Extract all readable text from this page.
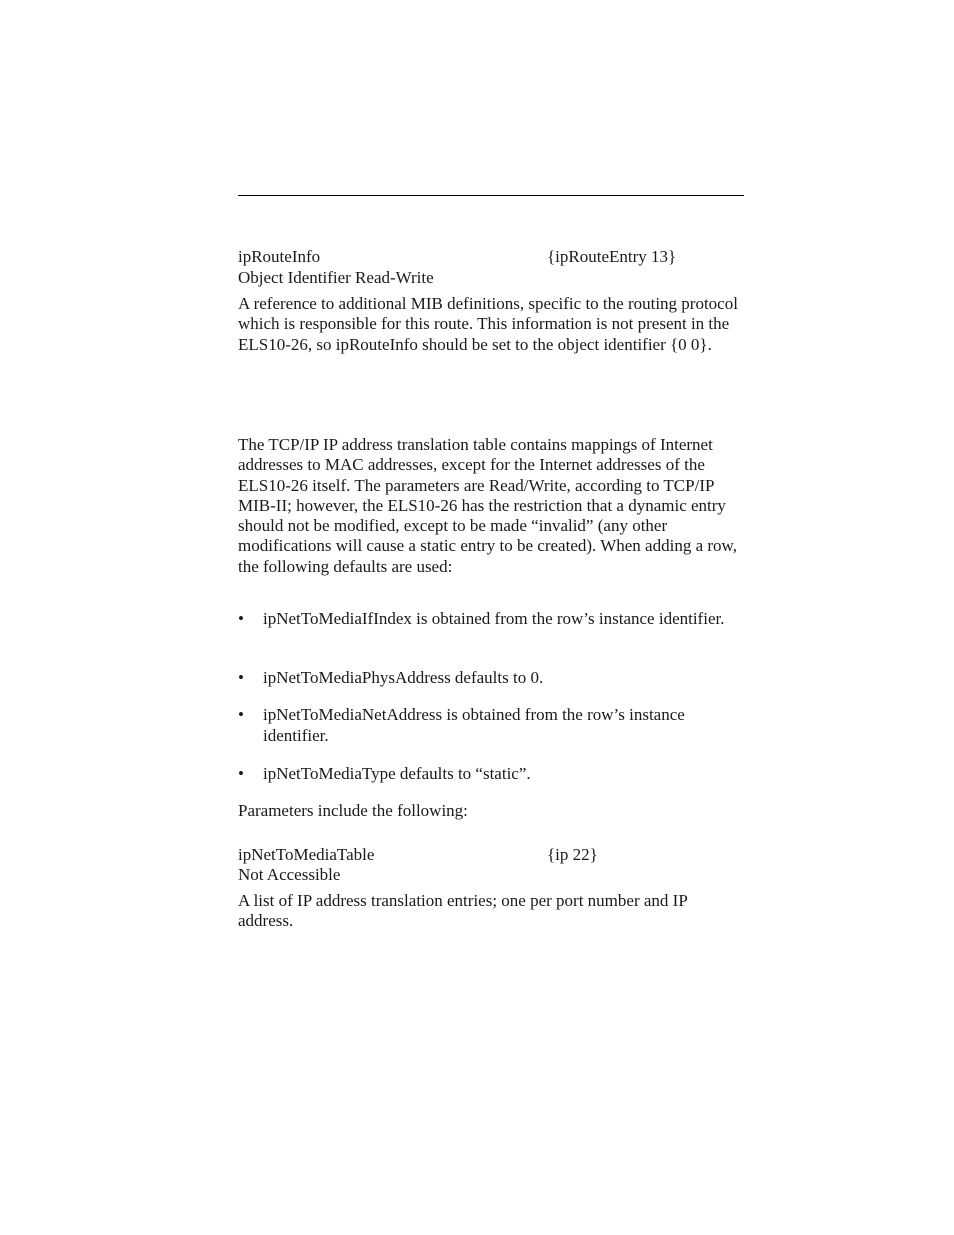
ipRouteInfo	{ipRouteEntry 13}
Object Identifier Read-Write

A reference to additional MIB definitions, specific to the routing protocol which is responsible for this route. This information is not present in the ELS10-26, so ipRouteInfo should be set to the object identifier {0 0}.

The TCP/IP IP address translation table contains mappings of Internet addresses to MAC addresses, except for the Internet addresses of the ELS10-26 itself. The parameters are Read/Write, according to TCP/IP MIB-II; however, the ELS10-26 has the restriction that a dynamic entry should not be modified, except to be made “invalid” (any other modifications will cause a static entry to be created). When adding a row, the following defaults are used:

• ipNetToMediaIfIndex is obtained from the row’s instance identifier.
• ipNetToMediaPhysAddress defaults to 0.
• ipNetToMediaNetAddress is obtained from the row’s instance identifier.
• ipNetToMediaType defaults to “static”.
Parameters include the following:
ipNetToMediaTable	{ip 22}
Not Accessible

A list of IP address translation entries; one per port number and IP address.
